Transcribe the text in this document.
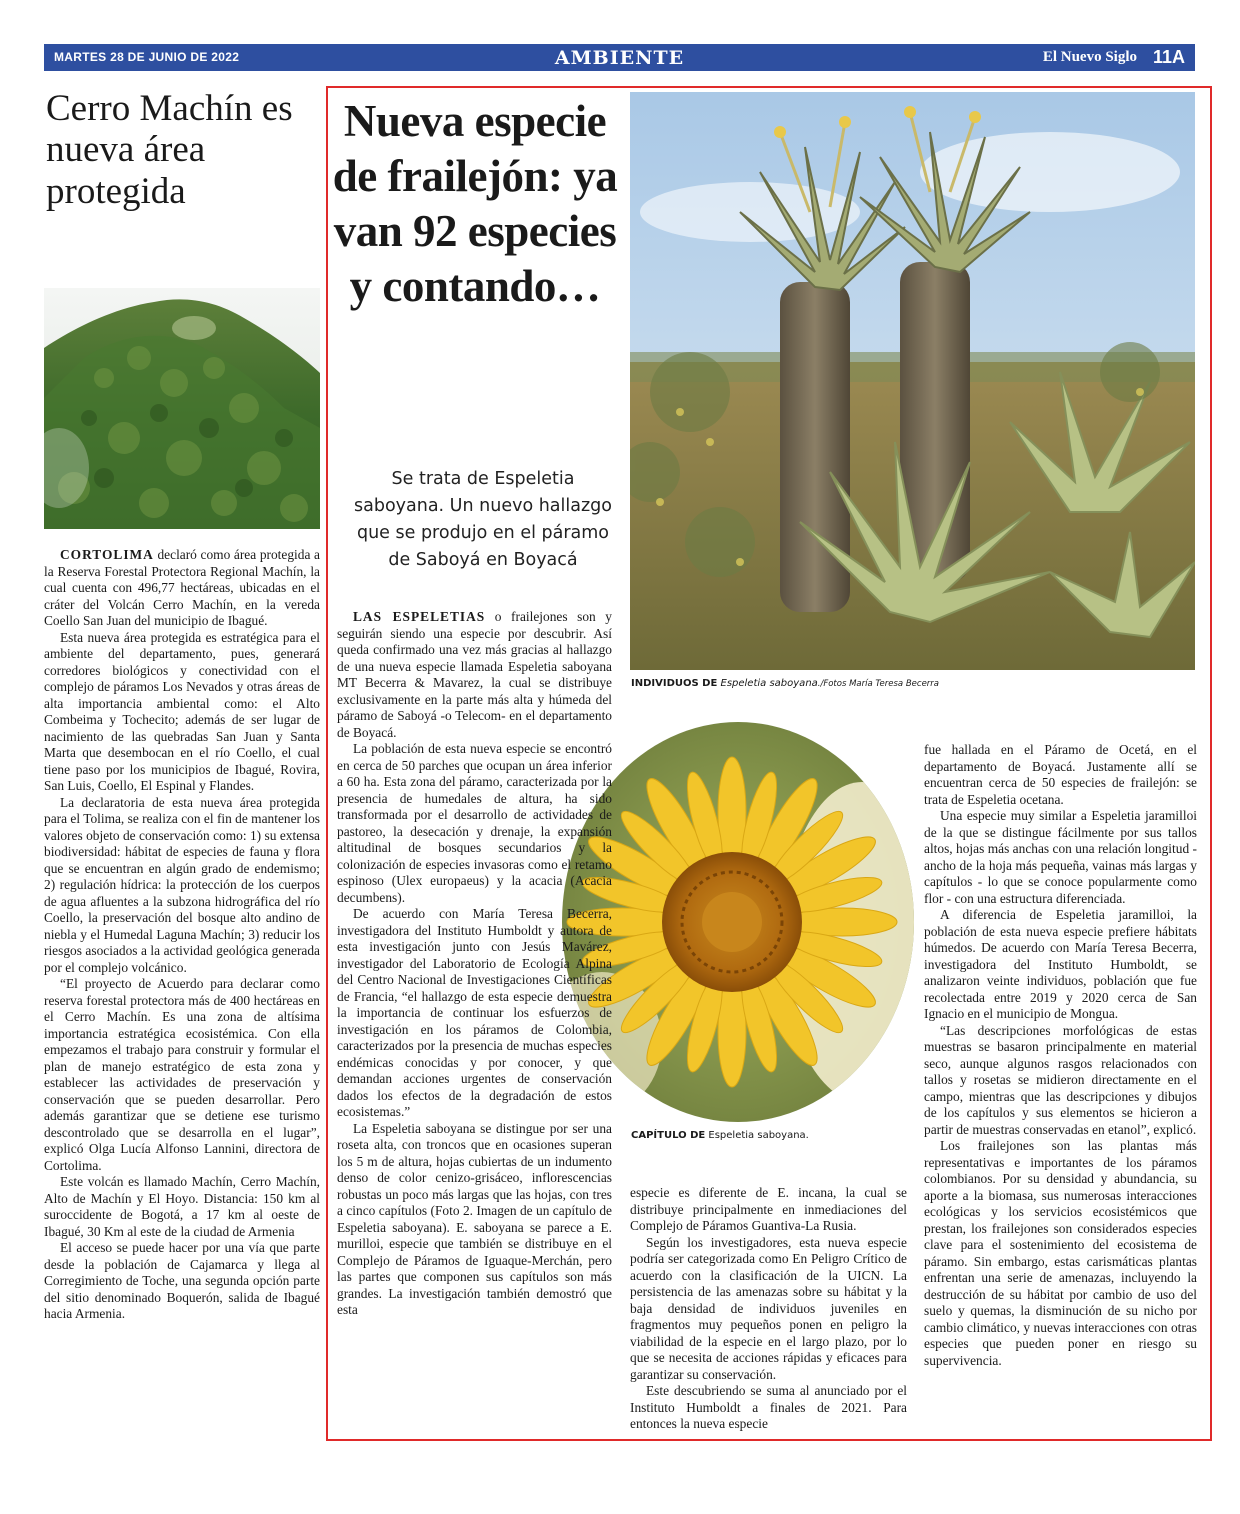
MARTES 28 DE JUNIO DE 2022	AMBIENTE	El Nuevo Siglo 11A
Cerro Machín es nueva área protegida

CORTOLIMA declaró como área protegida a la Reserva Forestal Protectora Regional Machín, la cual cuenta con 496,77 hectáreas, ubicadas en el cráter del Volcán Cerro Machín, en la vereda Coello San Juan del municipio de Ibagué.

Esta nueva área protegida es estratégica para el ambiente del departamento, pues, generará corredores biológicos y conectividad con el complejo de páramos Los Nevados y otras áreas de alta importancia ambiental como: el Alto Combeima y Tochecito; además de ser lugar de nacimiento de las quebradas San Juan y Santa Marta que desembocan en el río Coello, el cual tiene paso por los municipios de Ibagué, Rovira, San Luis, Coello, El Espinal y Flandes.

La declaratoria de esta nueva área protegida para el Tolima, se realiza con el fin de mantener los valores objeto de conservación como: 1) su extensa biodiversidad: hábitat de especies de fauna y flora que se encuentran en algún grado de endemismo; 2) regulación hídrica: la protección de los cuerpos de agua afluentes a la subzona hidrográfica del río Coello, la preservación del bosque alto andino de niebla y el Humedal Laguna Machín; 3) reducir los riesgos asociados a la actividad geológica generada por el complejo volcánico.

“El proyecto de Acuerdo para declarar como reserva forestal protectora más de 400 hectáreas en el Cerro Machín. Es una zona de altísima importancia estratégica ecosistémica. Con ella empezamos el trabajo para construir y formular el plan de manejo estratégico de esta zona y establecer las actividades de preservación y conservación que se pueden desarrollar. Pero además garantizar que se detiene ese turismo descontrolado que se desarrolla en el lugar”, explicó Olga Lucía Alfonso Lannini, directora de Cortolima.

Este volcán es llamado Machín, Cerro Machín, Alto de Machín y El Hoyo. Distancia: 150 km al suroccidente de Bogotá, a 17 km al oeste de Ibagué, 30 Km al este de la ciudad de Armenia

El acceso se puede hacer por una vía que parte desde la población de Cajamarca y llega al Corregimiento de Toche, una segunda opción parte del sitio denominado Boquerón, salida de Ibagué hacia Armenia.

Nueva especie de frailejón: ya van 92 especies y contando…

Se trata de Espeletia saboyana. Un nuevo hallazgo que se produjo en el páramo de Saboyá en Boyacá

INDIVIDUOS DE Espeletia saboyana./Fotos María Teresa Becerra

CAPÍTULO DE Espeletia saboyana.

LAS ESPELETIAS o frailejones son y seguirán siendo una especie por descubrir. Así queda confirmado una vez más gracias al hallazgo de una nueva especie llamada Espeletia saboyana MT Becerra & Mavarez, la cual se distribuye exclusivamente en la parte más alta y húmeda del páramo de Saboyá -o Telecom- en el departamento de Boyacá.

La población de esta nueva especie se encontró en cerca de 50 parches que ocupan un área inferior a 60 ha. Esta zona del páramo, caracterizada por la presencia de humedales de altura, ha sido transformada por el desarrollo de actividades de pastoreo, la desecación y drenaje, la expansión altitudinal de bosques secundarios y la colonización de especies invasoras como el retamo espinoso (Ulex europaeus) y la acacia (Acacia decumbens).

De acuerdo con María Teresa Becerra, investigadora del Instituto Humboldt y autora de esta investigación junto con Jesús Mavárez, investigador del Laboratorio de Ecología Alpina del Centro Nacional de Investigaciones Científicas de Francia, “el hallazgo de esta especie demuestra la importancia de continuar los esfuerzos de investigación en los páramos de Colombia, caracterizados por la presencia de muchas especies endémicas conocidas y por conocer, y que demandan acciones urgentes de conservación dados los efectos de la degradación de estos ecosistemas.”

La Espeletia saboyana se distingue por ser una roseta alta, con troncos que en ocasiones superan los 5 m de altura, hojas cubiertas de un indumento denso de color cenizo-grisáceo, inflorescencias robustas un poco más largas que las hojas, con tres a cinco capítulos (Foto 2. Imagen de un capítulo de Espeletia saboyana). E. saboyana se parece a E. murilloi, especie que también se distribuye en el Complejo de Páramos de Iguaque-Merchán, pero las partes que componen sus capítulos son más grandes. La investigación también demostró que esta

especie es diferente de E. incana, la cual se distribuye principalmente en inmediaciones del Complejo de Páramos Guantiva-La Rusia.

Según los investigadores, esta nueva especie podría ser categorizada como En Peligro Crítico de acuerdo con la clasificación de la UICN. La persistencia de las amenazas sobre su hábitat y la baja densidad de individuos juveniles en fragmentos muy pequeños ponen en peligro la viabilidad de la especie en el largo plazo, por lo que se necesita de acciones rápidas y eficaces para garantizar su conservación.

Este descubriendo se suma al anunciado por el Instituto Humboldt a finales de 2021. Para entonces la nueva especie

fue hallada en el Páramo de Ocetá, en el departamento de Boyacá. Justamente allí se encuentran cerca de 50 especies de frailejón: se trata de Espeletia ocetana.

Una especie muy similar a Espeletia jaramilloi de la que se distingue fácilmente por sus tallos altos, hojas más anchas con una relación longitud - ancho de la hoja más pequeña, vainas más largas y capítulos - lo que se conoce popularmente como flor - con una estructura diferenciada.

A diferencia de Espeletia jaramilloi, la población de esta nueva especie prefiere hábitats húmedos. De acuerdo con María Teresa Becerra, investigadora del Instituto Humboldt, se analizaron veinte individuos, población que fue recolectada entre 2019 y 2020 cerca de San Ignacio en el municipio de Mongua.

“Las descripciones morfológicas de estas muestras se basaron principalmente en material seco, aunque algunos rasgos relacionados con tallos y rosetas se midieron directamente en el campo, mientras que las descripciones y dibujos de los capítulos y sus elementos se hicieron a partir de muestras conservadas en etanol”, explicó.

Los frailejones son las plantas más representativas e importantes de los páramos colombianos. Por su densidad y abundancia, su aporte a la biomasa, sus numerosas interacciones ecológicas y los servicios ecosistémicos que prestan, los frailejones son considerados especies clave para el sostenimiento del ecosistema de páramo. Sin embargo, estas carismáticas plantas enfrentan una serie de amenazas, incluyendo la destrucción de su hábitat por cambio de uso del suelo y quemas, la disminución de su nicho por cambio climático, y nuevas interacciones con otras especies que pueden poner en riesgo su supervivencia.
